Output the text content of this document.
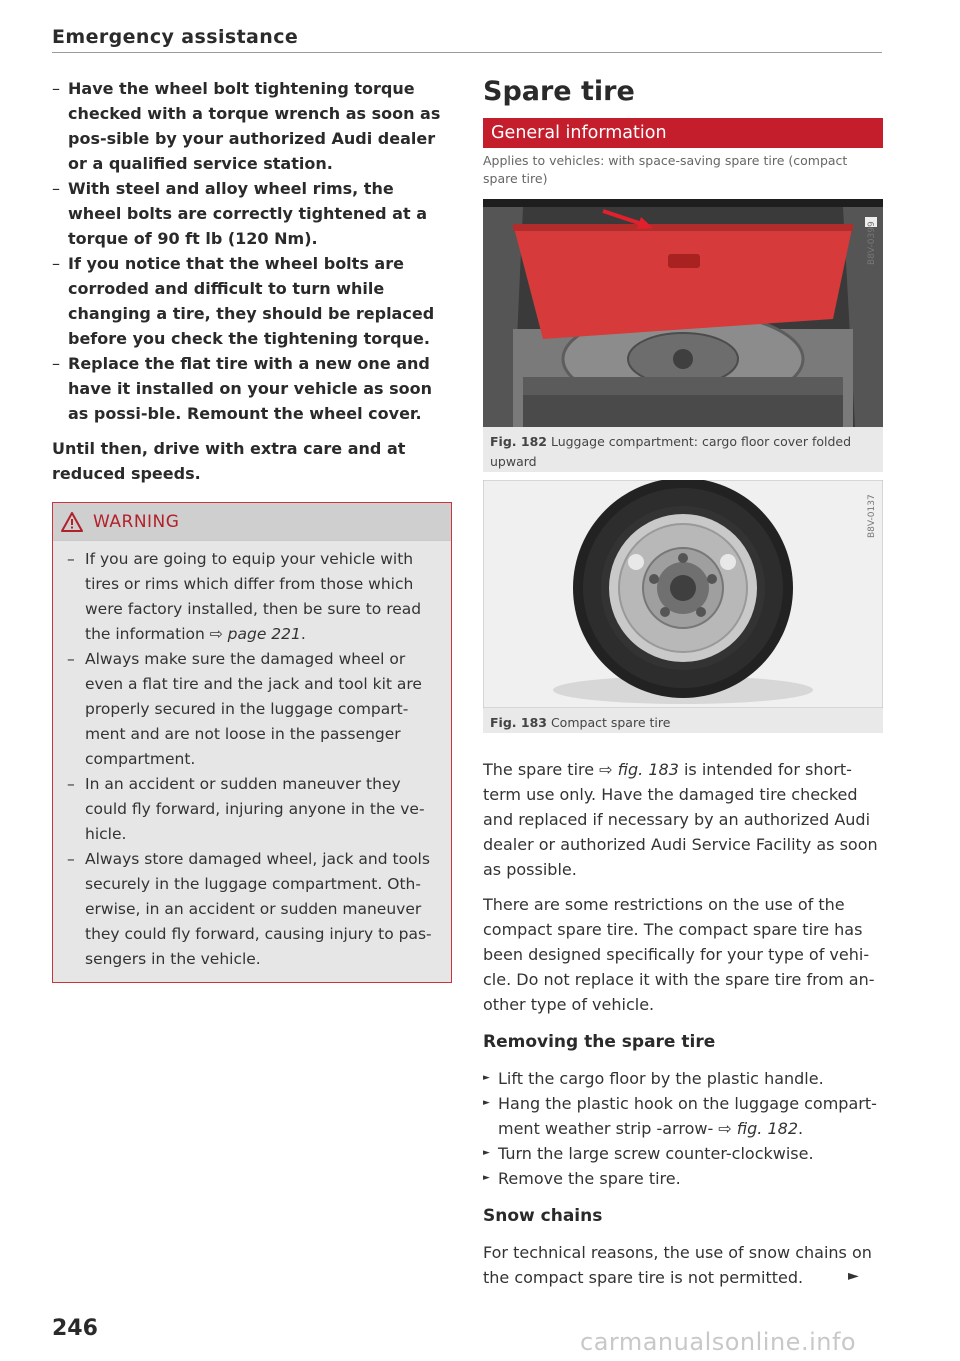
Emergency assistance
– Have the wheel bolt tightening torque checked with a torque wrench as soon as pos-sible by your authorized Audi dealer or a qualified service station.
– With steel and alloy wheel rims, the wheel bolts are correctly tightened at a torque of 90 ft lb (120 Nm).
– If you notice that the wheel bolts are corroded and difficult to turn while changing a tire, they should be replaced before you check the tightening torque.
– Replace the flat tire with a new one and have it installed on your vehicle as soon as possi-ble. Remount the wheel cover.

Until then, drive with extra care and at reduced speeds.

WARNING
– If you are going to equip your vehicle with tires or rims which differ from those which were factory installed, then be sure to read the information ⇨ page 221.
– Always make sure the damaged wheel or even a flat tire and the jack and tool kit are properly secured in the luggage compart-ment and are not loose in the passenger compartment.
– In an accident or sudden maneuver they could fly forward, injuring anyone in the ve-hicle.
– Always store damaged wheel, jack and tools securely in the luggage compartment. Oth-erwise, in an accident or sudden maneuver they could fly forward, causing injury to pas-sengers in the vehicle.
246
Spare tire
General information
Applies to vehicles: with space-saving spare tire (compact spare tire)
B8V-0399
Fig. 182 Luggage compartment: cargo floor cover folded upward
B8V-0137
Fig. 183 Compact spare tire

The spare tire ⇨ fig. 183 is intended for short-term use only. Have the damaged tire checked and replaced if necessary by an authorized Audi dealer or authorized Audi Service Facility as soon as possible.

There are some restrictions on the use of the compact spare tire. The compact spare tire has been designed specifically for your type of vehi-cle. Do not replace it with the spare tire from an-other type of vehicle.

Removing the spare tire
► Lift the cargo floor by the plastic handle.
► Hang the plastic hook on the luggage compart-ment weather strip -arrow- ⇨ fig. 182.
► Turn the large screw counter-clockwise.
► Remove the spare tire.
Snow chains

For technical reasons, the use of snow chains on the compact spare tire is not permitted.	►
carmanualsonline.info
